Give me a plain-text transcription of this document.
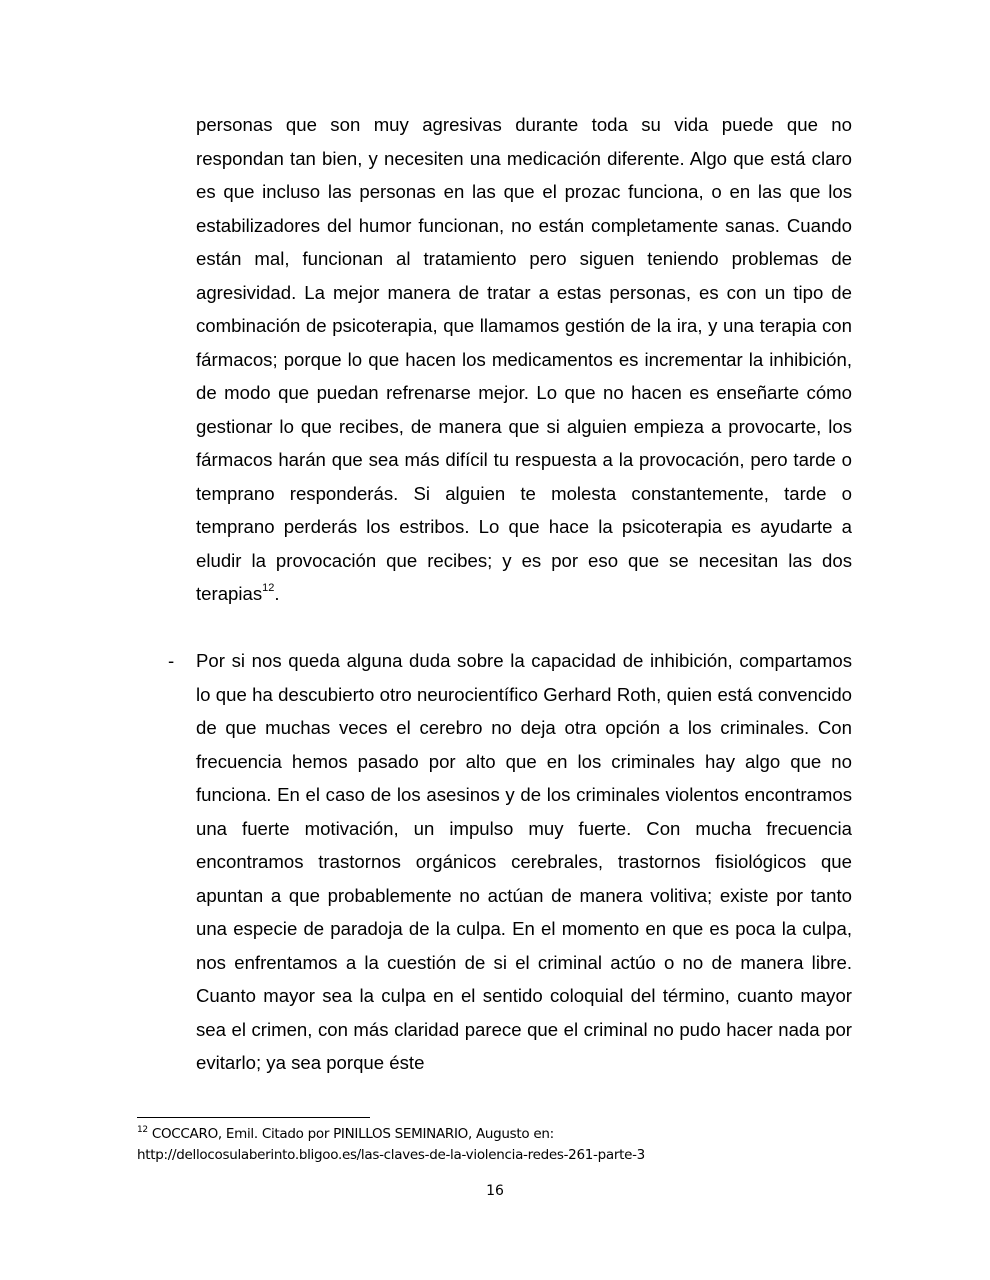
personas que son muy agresivas durante toda su vida puede que no respondan tan bien, y necesiten una medicación diferente. Algo que está claro es que incluso las personas en las que el prozac funciona, o en las que los estabilizadores del humor funcionan, no están completamente sanas. Cuando están mal, funcionan al tratamiento pero siguen teniendo problemas de agresividad. La mejor manera de tratar a estas personas, es con un tipo de combinación de psicoterapia, que llamamos gestión de la ira, y una terapia con fármacos; porque lo que hacen los medicamentos es incrementar la inhibición, de modo que puedan refrenarse mejor. Lo que no hacen es enseñarte cómo gestionar lo que recibes, de manera que si alguien empieza a provocarte, los fármacos harán que sea más difícil tu respuesta a la provocación, pero tarde o temprano responderás. Si alguien te molesta constantemente, tarde o temprano perderás los estribos. Lo que hace la psicoterapia es ayudarte a eludir la provocación que recibes; y es por eso que se necesitan las dos terapias$^{12}$.

- Por si nos queda alguna duda sobre la capacidad de inhibición, compartamos lo que ha descubierto otro neurocientífico Gerhard Roth, quien está convencido de que muchas veces el cerebro no deja otra opción a los criminales. Con frecuencia hemos pasado por alto que en los criminales hay algo que no funciona. En el caso de los asesinos y de los criminales violentos encontramos una fuerte motivación, un impulso muy fuerte. Con mucha frecuencia encontramos trastornos orgánicos cerebrales, trastornos fisiológicos que apuntan a que probablemente no actúan de manera volitiva; existe por tanto una especie de paradoja de la culpa. En el momento en que es poca la culpa, nos enfrentamos a la cuestión de si el criminal actúo o no de manera libre. Cuanto mayor sea la culpa en el sentido coloquial del término, cuanto mayor sea el crimen, con más claridad parece que el criminal no pudo hacer nada por evitarlo; ya sea porque éste

$^{12}$ COCCARO, Emil. Citado por PINILLOS SEMINARIO, Augusto en:
http://dellocosulaberinto.bligoo.es/las-claves-de-la-violencia-redes-261-parte-3
16
